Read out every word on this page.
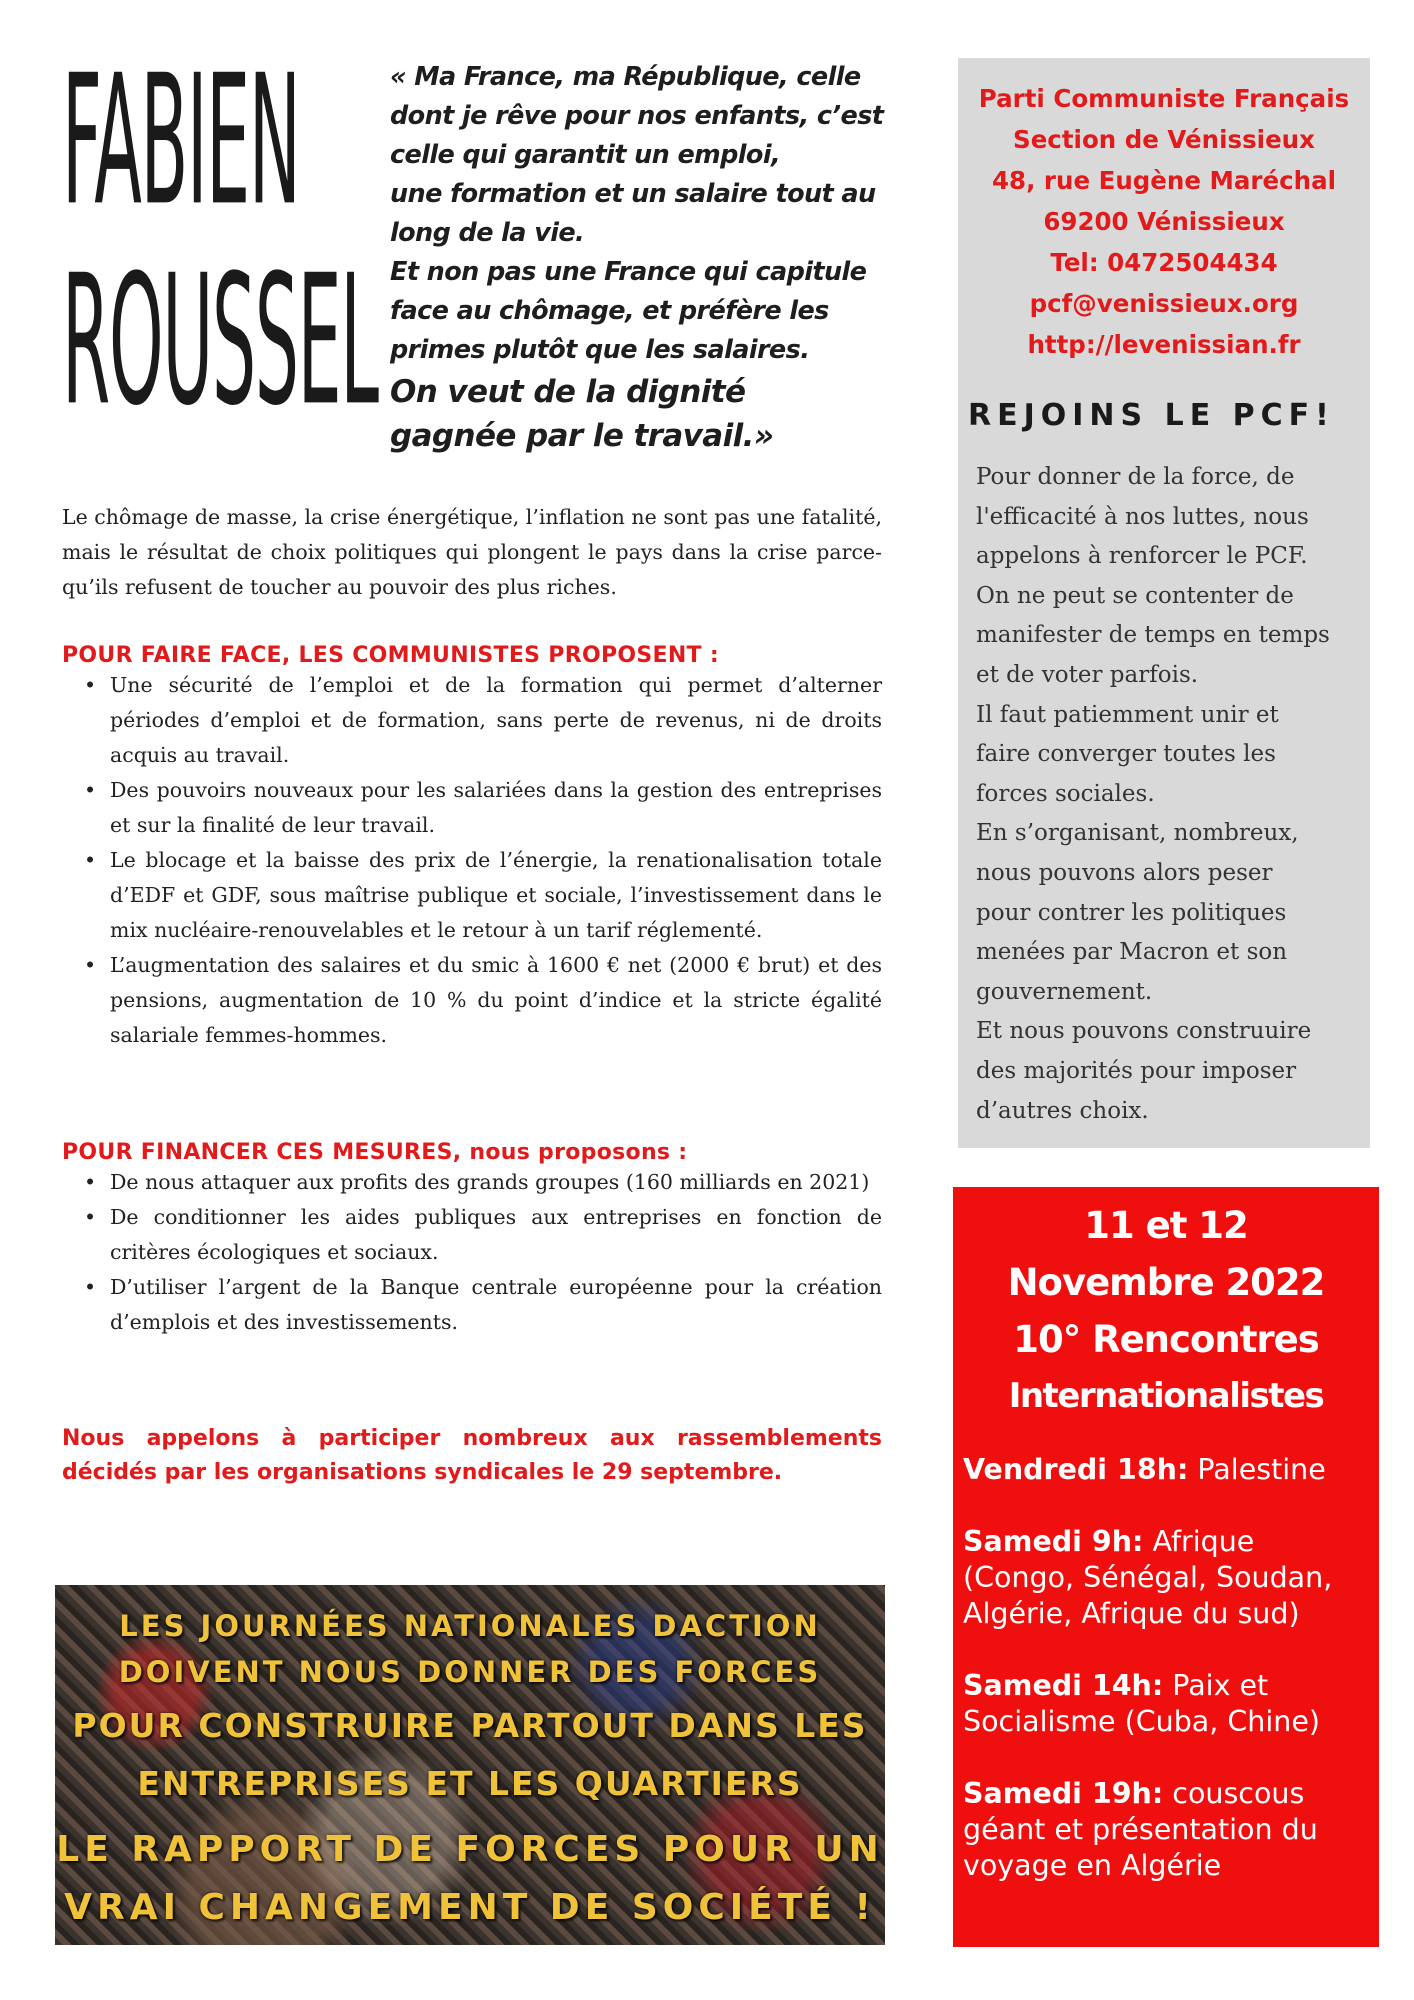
FABIEN
ROUSSEL
« Ma France, ma République, celle
dont je rêve pour nos enfants, c’est
celle qui garantit un emploi,
une formation et un salaire tout au
long de la vie.
Et non pas une France qui capitule
face au chômage, et préfère les
primes plutôt que les salaires.
On veut de la dignité
gagnée par le travail.»
Le chômage de masse, la crise énergétique, l’inflation ne sont pas une fatalité, mais le résultat de choix politiques qui plongent le pays dans la crise parce-qu’ils refusent de toucher au pouvoir des plus riches.
POUR FAIRE FACE, LES COMMUNISTES PROPOSENT :
• Une sécurité de l’emploi et de la formation qui permet d’alterner périodes d’emploi et de formation, sans perte de revenus, ni de droits acquis au travail.
• Des pouvoirs nouveaux pour les salariées dans la gestion des entreprises et sur la finalité de leur travail.
• Le blocage et la baisse des prix de l’énergie, la renationalisation totale d’EDF et GDF, sous maîtrise publique et sociale, l’investissement dans le mix nucléaire-renouvelables et le retour à un tarif réglementé.
• L’augmentation des salaires et du smic à 1600 € net (2000 € brut) et des pensions, augmentation de 10 % du point d’indice et la stricte égalité salariale femmes-hommes.
POUR FINANCER CES MESURES, nous proposons :
• De nous attaquer aux profits des grands groupes (160 milliards en 2021)
• De conditionner les aides publiques aux entreprises en fonction de critères écologiques et sociaux.
• D’utiliser l’argent de la Banque centrale européenne pour la création d’emplois et des investissements.
Nous appelons à participer nombreux aux rassemblements décidés par les organisations syndicales le 29 septembre.
LES JOURNÉES NATIONALES DACTION
DOIVENT NOUS DONNER DES FORCES
POUR CONSTRUIRE PARTOUT DANS LES
ENTREPRISES ET LES QUARTIERS
LE RAPPORT DE FORCES POUR UN
VRAI CHANGEMENT DE SOCIÉTÉ !
Parti Communiste Français
Section de Vénissieux
48, rue Eugène Maréchal
69200 Vénissieux
Tel: 0472504434
pcf@venissieux.org
http://levenissian.fr
REJOINS LE PCF!
Pour donner de la force, de
l'efficacité à nos luttes, nous
appelons à renforcer le PCF.
On ne peut se contenter de
manifester de temps en temps
et de voter parfois.
Il faut patiemment unir et
faire converger toutes les
forces sociales.
En s’organisant, nombreux,
nous pouvons alors peser
pour contrer les politiques
menées par Macron et son
gouvernement.
Et nous pouvons construuire
des majorités pour imposer
d’autres choix.
11 et 12
Novembre 2022
10° Rencontres
Internationalistes
Vendredi 18h: Palestine
Samedi 9h: Afrique (Congo, Sénégal, Soudan, Algérie, Afrique du sud)
Samedi 14h: Paix et Socialisme (Cuba, Chine)
Samedi 19h: couscous géant et présentation du voyage en Algérie
